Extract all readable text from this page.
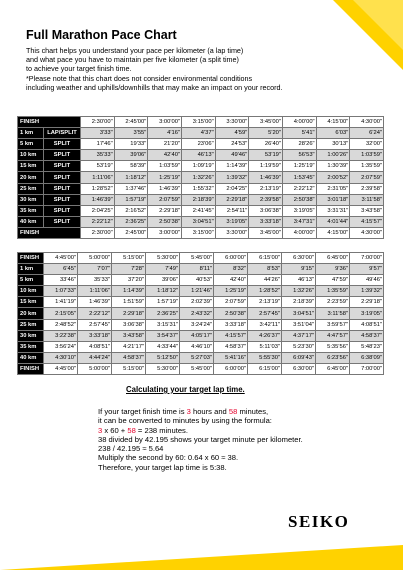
Full Marathon Pace Chart
This chart helps you understand your pace per kilometer (a lap time)
and what pace you have to maintain per five kilometer (a split time)
to achieve your target finish time.
*Please note that this chart does not consider environmental conditions
including weather and uphills/downhills that may make an impact on your record.
FINISH		2:30'00"	2:45'00"	3:00'00"	3:15'00"	3:30'00"	3:45'00"	4:00'00"	4:15'00"	4:30'00"
1 km	LAP/SPLIT	3'33"	3'55"	4'16"	4'37"	4'59"	5'20"	5'41"	6'03"	6'24"
5 km	SPLIT	17'46"	19'33"	21'20"	23'06"	24'53"	26'40"	28'26"	30'13"	32'00"
10 km	SPLIT	35'33"	39'06"	42'40"	46'13"	49'46"	53'19"	56'53"	1:00'26"	1:03'59"
15 km	SPLIT	53'19"	58'39"	1:03'59"	1:09'19"	1:14'39"	1:19'59"	1:25'19"	1:30'39"	1:35'59"
20 km	SPLIT	1:11'06"	1:18'12"	1:25'19"	1:32'26"	1:39'32"	1:46'39"	1:53'45"	2:00'52"	2:07'59"
25 km	SPLIT	1:28'52"	1:37'46"	1:46'39"	1:55'32"	2:04'25"	2:13'19"	2:22'12"	2:31'05"	2:39'58"
30 km	SPLIT	1:46'39"	1:57'19"	2:07'59"	2:18'39"	2:29'18"	2:39'58"	2:50'38"	3:01'18"	3:11'58"
35 km	SPLIT	2:04'25"	2:16'52"	2:29'18"	2:41'45"	2:54'11"	3:06'38"	3:19'05"	3:31'31"	3:43'58"
40 km	SPLIT	2:22'12"	2:36'25"	2:50'38"	3:04'51"	3:19'05"	3:33'18"	3:47'31"	4:01'44"	4:15'57"
FINISH		2:30'00"	2:45'00"	3:00'00"	3:15'00"	3:30'00"	3:45'00"	4:00'00"	4:15'00"	4:30'00"
FINISH	4:45'00"	5:00'00"	5:15'00"	5:30'00"	5:45'00"	6:00'00"	6:15'00"	6:30'00"	6:45'00"	7:00'00"
1 km	6'45"	7'07"	7'28"	7'49"	8'11"	8'32"	8'53"	9'15"	9'36"	9'57"
5 km	33'46"	35'33"	37'20"	39'06"	40'53"	42'40"	44'26"	46'13"	47'59"	49'46"
10 km	1:07'33"	1:11'06"	1:14'39"	1:18'12"	1:21'46"	1:25'19"	1:28'52"	1:32'26"	1:35'59"	1:39'32"
15 km	1:41'19"	1:46'39"	1:51'59"	1:57'19"	2:02'39"	2:07'59"	2:13'19"	2:18'39"	2:23'59"	2:29'18"
20 km	2:15'05"	2:22'12"	2:29'18"	2:36'25"	2:43'32"	2:50'38"	2:57'45"	3:04'51"	3:11'58"	3:19'05"
25 km	2:48'52"	2:57'45"	3:06'38"	3:15'31"	3:24'24"	3:33'18"	3:42'11"	3:51'04"	3:59'57"	4:08'51"
30 km	3:22'38"	3:33'18"	3:43'58"	3:54'37"	4:05'17"	4:15'57"	4:26'37"	4:37'17"	4:47'57"	4:58'37"
35 km	3:56'24"	4:08'51"	4:21'17"	4:33'44"	4:46'10"	4:58'37"	5:11'03"	5:23'30"	5:35'56"	5:48'23"
40 km	4:30'10"	4:44'24"	4:58'37"	5:12'50"	5:27'03"	5:41'16"	5:55'30"	6:09'43"	6:23'56"	6:38'09"
FINISH	4:45'00"	5:00'00"	5:15'00"	5:30'00"	5:45'00"	6:00'00"	6:15'00"	6:30'00"	6:45'00"	7:00'00"
Calculating your target lap time.
If your target finish time is 3 hours and 58 minutes,
it can be converted to minutes by using the formula:
3 x 60 + 58 = 238 minutes.
38 divided by 42.195 shows your target minute per kilometer.
238 / 42.195 ≈ 5.64
Multiply the second by 60: 0.64 x 60 ≈ 38.
Therefore, your target lap time is 5:38.
SEIKO
